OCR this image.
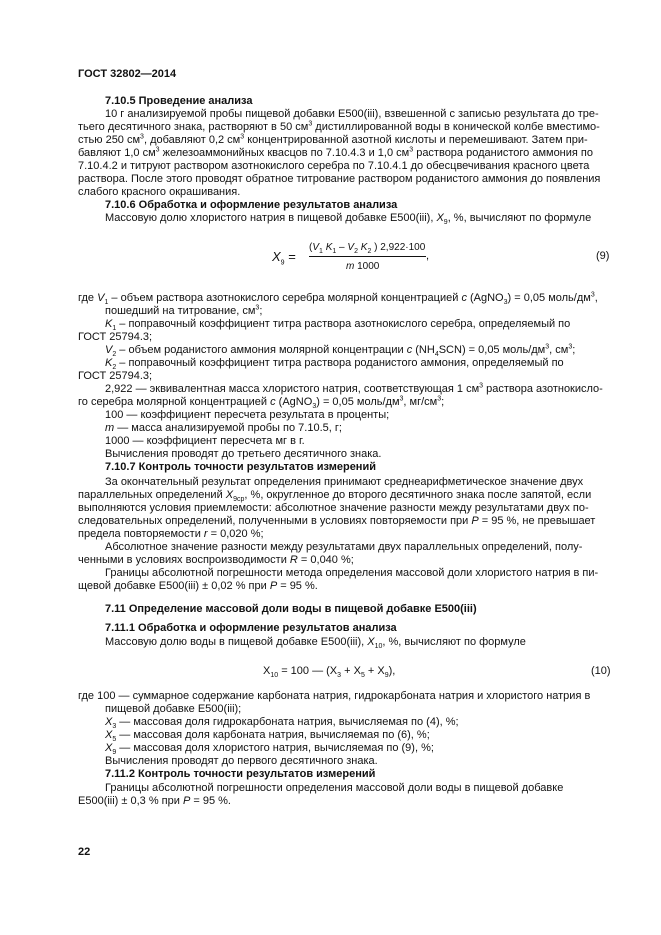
ГОСТ 32802—2014
7.10.5 Проведение анализа
10 г анализируемой пробы пищевой добавки Е500(iii), взвешенной с записью результата до тре-
тьего десятичного знака, растворяют в 50 $см^3$ дистиллированной воды в конической колбе вместимо-
стью 250 $см^3$, добавляют 0,2 $см^3$ концентрированной азотной кислоты и перемешивают. Затем при-
бавляют 1,0 $см^3$ железоаммонийных квасцов по 7.10.4.3 и 1,0 $см^3$ раствора роданистого аммония по
7.10.4.2 и титруют раствором азотнокислого серебра по 7.10.4.1 до обесцвечивания красного цвета
раствора. После этого проводят обратное титрование раствором роданистого аммония до появления
слабого красного окрашивания.
7.10.6 Обработка и оформление результатов анализа
Массовую долю хлористого натрия в пищевой добавке Е500(iii), $X_9$, %, вычисляют по формуле
$X_9$ =
($V_1$ $K_1 - V_2$ $K_2$ ) 2,922·100
m 1000
,	(9)
где $V_1$ – объем раствора азотнокислого серебра молярной концентрацией c (AgNO$_3$) = 0,05 моль/$дм^3$,
пошедший на титрование, $см^3$;
$K_1$ – поправочный коэффициент титра раствора азотнокислого серебра, определяемый по
ГОСТ 25794.3;
$V_2$ – объем роданистого аммония молярной концентрации c $(NH_4SCN) = 0,05$ моль/$дм^3$, $см^3$;
$K_2$ – поправочный коэффициент титра раствора роданистого аммония, определяемый по
ГОСТ 25794.3;
2,922 — эквивалентная масса хлористого натрия, соответствующая 1 $см^3$ раствора азотнокисло-
го серебра молярной концентрацией c (AgNO$_3$) = 0,05 моль/$дм^3$, $мг/см^3$;
100 — коэффициент пересчета результата в проценты;
m — масса анализируемой пробы по 7.10.5, г;
1000 — коэффициент пересчета мг в г.
Вычисления проводят до третьего десятичного знака.
7.10.7 Контроль точности результатов измерений
За окончательный результат определения принимают среднеарифметическое значение двух
параллельных определений $X_{9ср}$, %, округленное до второго десятичного знака после запятой, если
выполняются условия приемлемости: абсолютное значение разности между результатами двух по-
следовательных определений, полученными в условиях повторяемости при P = 95 %, не превышает
предела повторяемости r = 0,020 %;
Абсолютное значение разности между результатами двух параллельных определений, полу-
ченными в условиях воспроизводимости R = 0,040 %;
Границы абсолютной погрешности метода определения массовой доли хлористого натрия в пи-
щевой добавке Е500(iii) ± 0,02 % при P = 95 %.
7.11 Определение массовой доли воды в пищевой добавке Е500(iii)
7.11.1 Обработка и оформление результатов анализа
Массовую долю воды в пищевой добавке Е500(iii), $X_{10}$, %, вычисляют по формуле
$X_{10} = 100$ — $(X_3 + X_5 + X_9)$,	(10)
где 100 — суммарное содержание карбоната натрия, гидрокарбоната натрия и хлористого натрия в
пищевой добавке Е500(iii);
$X_3$ — массовая доля гидрокарбоната натрия, вычисляемая по (4), %;
$X_5$ — массовая доля карбоната натрия, вычисляемая по (6), %;
$X_9$ — массовая доля хлористого натрия, вычисляемая по (9), %;
Вычисления проводят до первого десятичного знака.
7.11.2 Контроль точности результатов измерений
Границы абсолютной погрешности определения массовой доли воды в пищевой добавке
Е500(iii) ± 0,3 % при P = 95 %.
22
